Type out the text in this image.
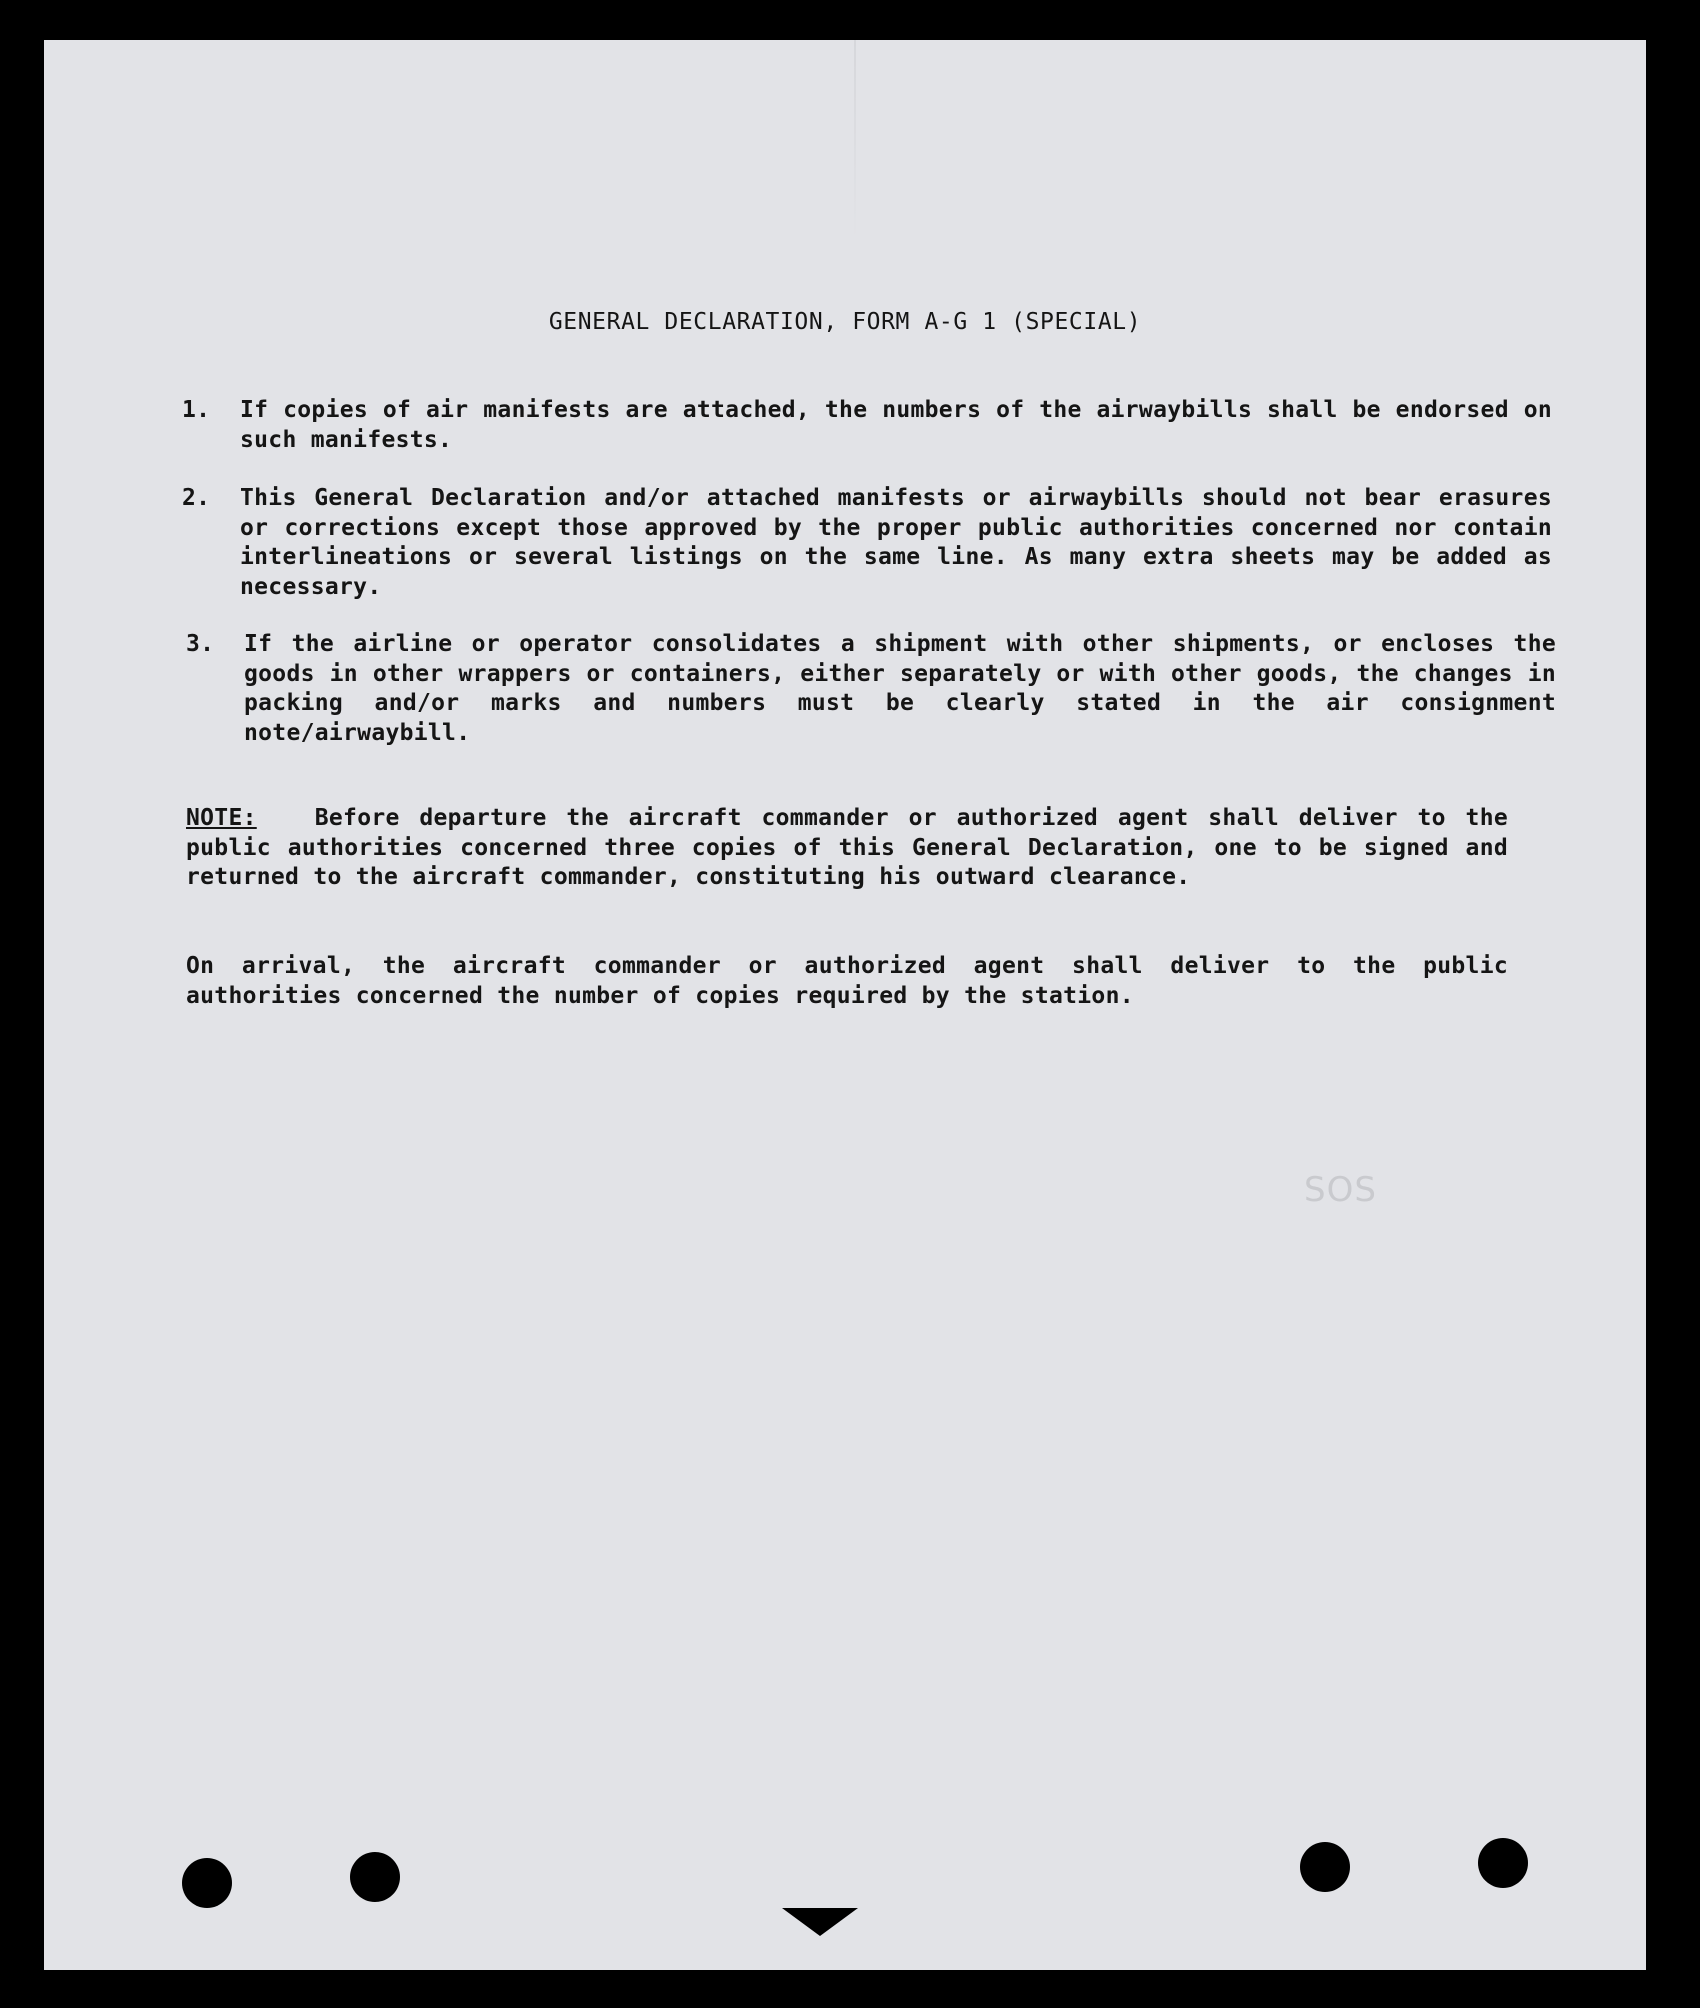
GENERAL DECLARATION, FORM A-G 1 (SPECIAL)
1.	If copies of air manifests are attached, the numbers of the airwaybills shall be endorsed on such manifests.
2.	This General Declaration and/or attached manifests or airwaybills should not bear erasures or corrections except those approved by the proper public authorities concerned nor contain interlineations or several listings on the same line. As many extra sheets may be added as necessary.
3.	If the airline or operator consolidates a shipment with other shipments, or encloses the goods in other wrappers or containers, either separately or with other goods, the changes in packing and/or marks and numbers must be clearly stated in the air consignment note/airwaybill.
NOTE:	Before departure the aircraft commander or authorized agent shall deliver to the public authorities concerned three copies of this General Declaration, one to be signed and returned to the aircraft commander, constituting his outward clearance.
On arrival, the aircraft commander or authorized agent shall deliver to the public authorities concerned the number of copies required by the station.
SOS
